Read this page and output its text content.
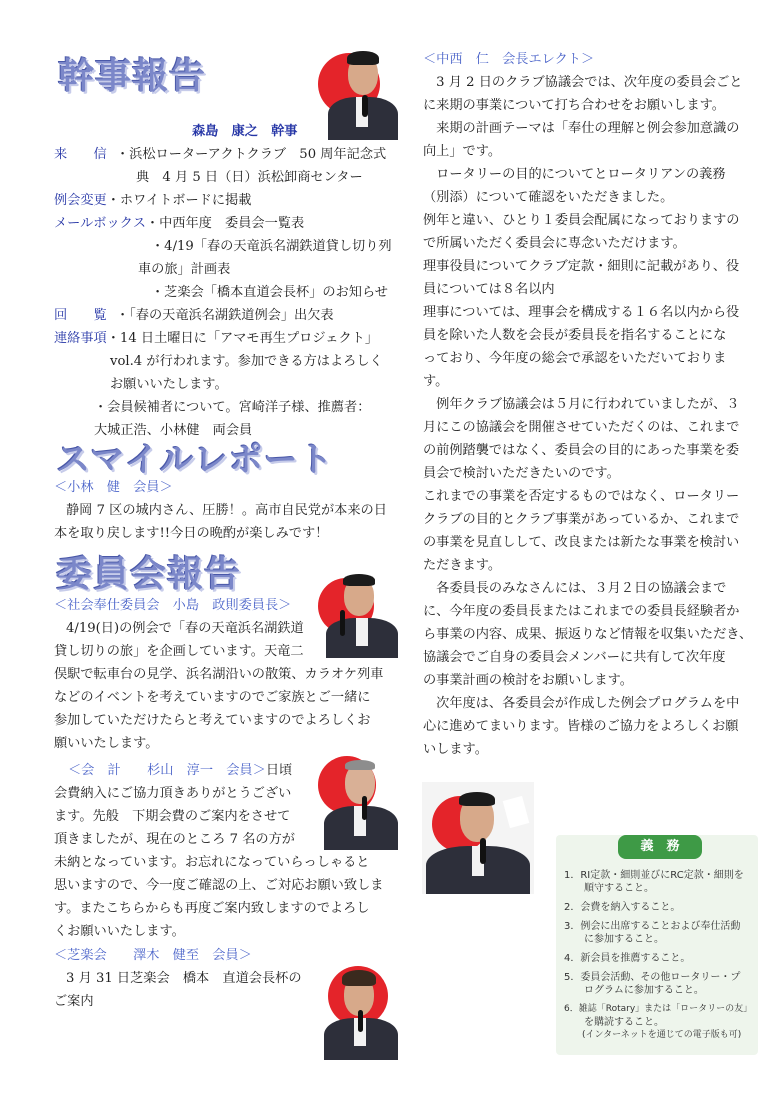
幹事報告
森島　康之　幹事
来　　信 ・浜松ローターアクトクラブ　50 周年記念式
典　4 月 5 日（日）浜松卸商センター
例会変更・ホワイトボードに掲載
メールボックス・中西年度　委員会一覧表
・4/19「春の天竜浜名湖鉄道貸し切り列
車の旅」計画表
・芝楽会「橋本直道会長杯」のお知らせ
回　　覧 ・「春の天竜浜名湖鉄道例会」出欠表
連絡事項・14 日土曜日に「アマモ再生プロジェクト」
vol.4 が行われます。参加できる方はよろしく
お願いいたします。
・会員候補者について。宮崎洋子様、推薦者：
大城正浩、小林健　両会員
スマイルレポート
＜小林　健　会員＞
静岡 7 区の城内さん、圧勝！。高市自民党が本来の日
本を取り戻します!!今日の晩酌が楽しみです！
委員会報告
＜社会奉仕委員会　小島　政則委員長＞
4/19(日)の例会で「春の天竜浜名湖鉄道
貸し切りの旅」を企画しています。天竜二
俣駅で転車台の見学、浜名湖沿いの散策、カラオケ列車
などのイベントを考えていますのでご家族とご一緒に
参加していただけたらと考えていますのでよろしくお
願いいたします。
＜会　計　　杉山　淳一　会員＞日頃
会費納入にご協力頂きありがとうござい
ます。先般　下期会費のご案内をさせて
頂きましたが、現在のところ 7 名の方が
未納となっています。お忘れになっていらっしゃると
思いますので、今一度ご確認の上、ご対応お願い致しま
す。またこちらからも再度ご案内致しますのでよろし
くお願いいたします。
＜芝楽会　　澤木　健至　会員＞
3 月 31 日芝楽会　橋本　直道会長杯の
ご案内
＜中西　仁　会長エレクト＞
　3 月 2 日のクラブ協議会では、次年度の委員会ごと
に来期の事業について打ち合わせをお願いします。
　来期の計画テーマは「奉仕の理解と例会参加意識の
向上」です。
　ロータリーの目的についてとロータリアンの義務
（別添）について確認をいただきました。
例年と違い、ひとり１委員会配属になっておりますの
で所属いただく委員会に専念いただけます。
理事役員についてクラブ定款・細則に記載があり、役
員については８名以内
理事については、理事会を構成する１６名以内から役
員を除いた人数を会長が委員長を指名することにな
っており、今年度の総会で承認をいただいておりま
す。
　例年クラブ協議会は５月に行われていましたが、３
月にこの協議会を開催させていただくのは、これまで
の前例踏襲ではなく、委員会の目的にあった事業を委
員会で検討いただきたいのです。
これまでの事業を否定するものではなく、ロータリー
クラブの目的とクラブ事業があっているか、これまで
の事業を見直しして、改良または新たな事業を検討い
ただきます。
　各委員長のみなさんには、３月２日の協議会まで
に、今年度の委員長またはこれまでの委員長経験者か
ら事業の内容、成果、振返りなど情報を収集いただき、
協議会でご自身の委員会メンバーに共有して次年度
の事業計画の検討をお願いします。
　次年度は、各委員会が作成した例会プログラムを中
心に進めてまいります。皆様のご協力をよろしくお願
いします。
義　務
1．RI定款・細則並びにRC定款・細則を
　　順守すること。
2．会費を納入すること。
3．例会に出席することおよび奉仕活動
　　に参加すること。
4．新会員を推薦すること。
5．委員会活動、その他ロータリー・プ
　　ログラムに参加すること。
6．雑誌「Rotary」または「ロータリーの友」
　　を購読すること。
　　(インターネットを通じての電子版も可)
